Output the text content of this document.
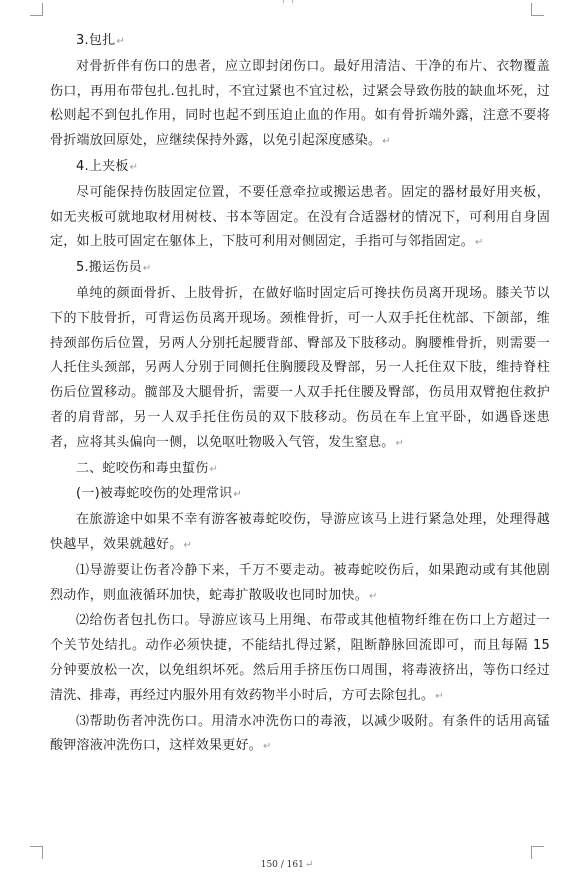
3.包扎↵

对骨折伴有伤口的患者，应立即封闭伤口。最好用清洁、干净的布片、衣物覆盖伤口，再用布带包扎.包扎时，不宜过紧也不宜过松，过紧会导致伤肢的缺血坏死，过松则起不到包扎作用，同时也起不到压迫止血的作用。如有骨折端外露，注意不要将骨折端放回原处，应继续保持外露，以免引起深度感染。↵

4.上夹板↵

尽可能保持伤肢固定位置，不要任意牵拉或搬运患者。固定的器材最好用夹板，如无夹板可就地取材用树枝、书本等固定。在没有合适器材的情况下，可利用自身固定，如上肢可固定在躯体上，下肢可利用对侧固定，手指可与邻指固定。↵

5.搬运伤员↵

单纯的颜面骨折、上肢骨折，在做好临时固定后可搀扶伤员离开现场。膝关节以下的下肢骨折，可背运伤员离开现场。颈椎骨折，可一人双手托住枕部、下颌部，维持颈部伤后位置，另两人分别托起腰背部、臀部及下肢移动。胸腰椎骨折，则需要一人托住头颈部，另两人分别于同侧托住胸腰段及臀部，另一人托住双下肢，维持脊柱伤后位置移动。髋部及大腿骨折，需要一人双手托住腰及臀部，伤员用双臂抱住救护者的肩背部，另一人双手托住伤员的双下肢移动。伤员在车上宜平卧，如遇昏迷患者，应将其头偏向一侧，以免呕吐物吸入气管，发生窒息。↵

二、蛇咬伤和毒虫蜇伤↵

(一)被毒蛇咬伤的处理常识↵

在旅游途中如果不幸有游客被毒蛇咬伤，导游应该马上进行紧急处理，处理得越快越早，效果就越好。↵

⑴导游要让伤者冷静下来，千万不要走动。被毒蛇咬伤后，如果跑动或有其他剧烈动作，则血液循环加快，蛇毒扩散吸收也同时加快。↵

⑵给伤者包扎伤口。导游应该马上用绳、布带或其他植物纤维在伤口上方超过一个关节处结扎。动作必须快捷，不能结扎得过紧，阻断静脉回流即可，而且每隔 15 分钟要放松一次，以免组织坏死。然后用手挤压伤口周围，将毒液挤出，等伤口经过清洗、排毒，再经过内服外用有效药物半小时后，方可去除包扎。↵

⑶帮助伤者冲洗伤口。用清水冲洗伤口的毒液，以减少吸附。有条件的话用高锰酸钾溶液冲洗伤口，这样效果更好。↵

150 / 161↵
